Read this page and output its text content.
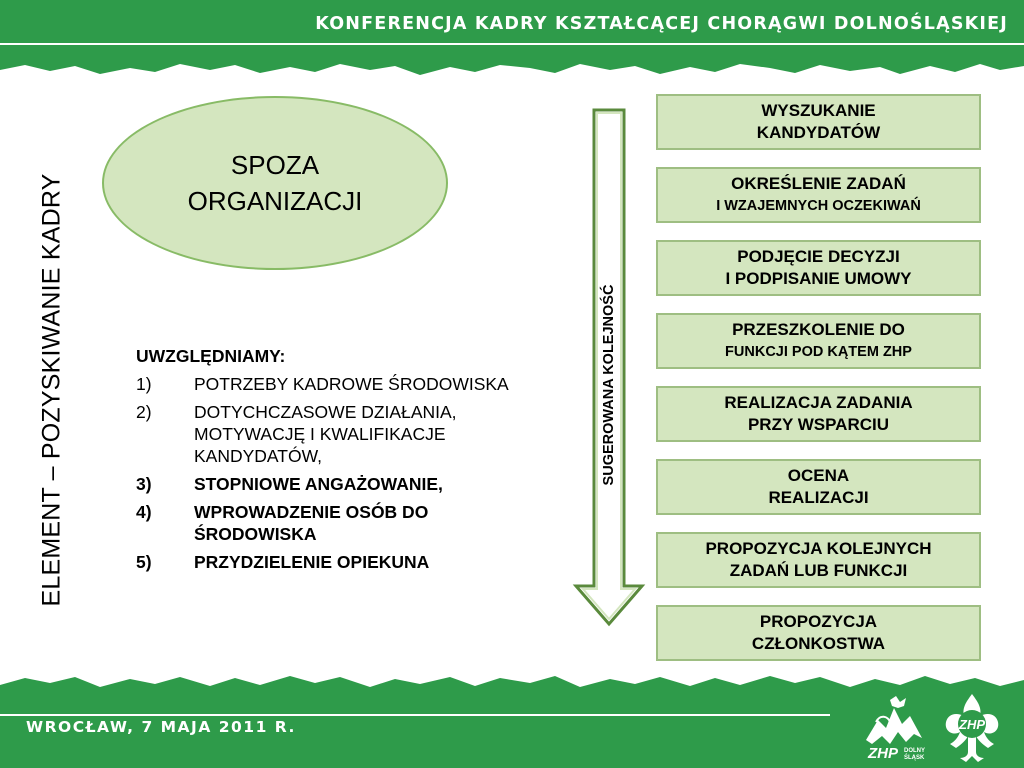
KONFERENCJA KADRY KSZTAŁCĄCEJ CHORĄGWI DOLNOŚLĄSKIEJ
ELEMENT – POZYSKIWANIE KADRY
SPOZA
ORGANIZACJI
UWZGLĘDNIAMY:
1)	POTRZEBY KADROWE ŚRODOWISKA
2)	DOTYCHCZASOWE DZIAŁANIA, MOTYWACJĘ I KWALIFIKACJE KANDYDATÓW,
3)	STOPNIOWE ANGAŻOWANIE,
4)	WPROWADZENIE OSÓB DO ŚRODOWISKA
5)	PRZYDZIELENIE OPIEKUNA
SUGEROWANA KOLEJNOŚĆ
WYSZUKANIE
KANDYDATÓW
OKREŚLENIE ZADAŃ
I WZAJEMNYCH OCZEKIWAŃ
PODJĘCIE DECYZJI
I PODPISANIE UMOWY
PRZESZKOLENIE DO
FUNKCJI POD KĄTEM ZHP
REALIZACJA ZADANIA
PRZY WSPARCIU
OCENA
REALIZACJI
PROPOZYCJA KOLEJNYCH
ZADAŃ LUB FUNKCJI
PROPOZYCJA
CZŁONKOSTWA
WROCŁAW, 7 MAJA 2011 R.
ZHP DOLNY
ŚLĄSK
ZHP
